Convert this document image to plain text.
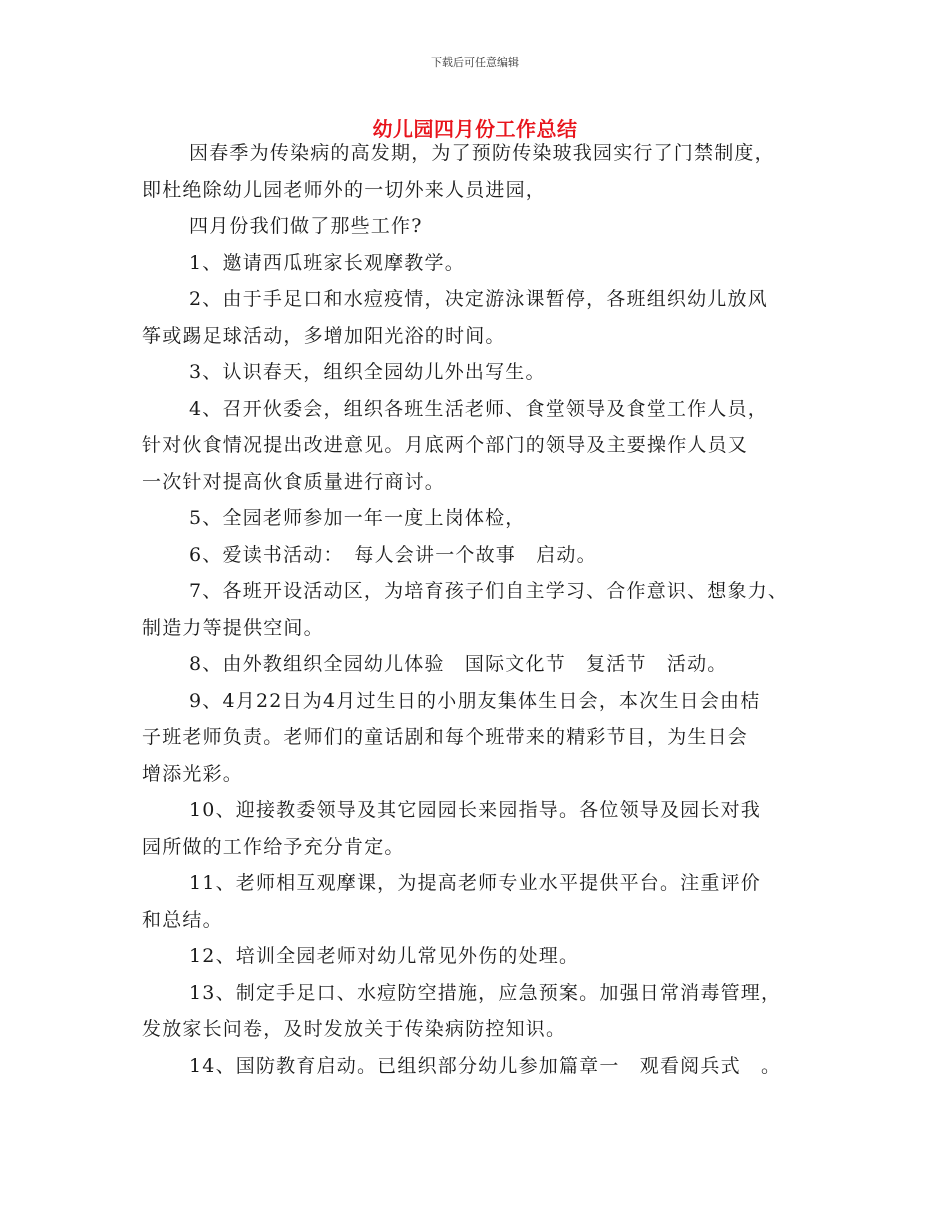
下载后可任意编辑
幼儿园四月份工作总结
因春季为传染病的高发期，为了预防传染玻我园实行了门禁制度，
即杜绝除幼儿园老师外的一切外来人员进园，
四月份我们做了那些工作?
1、邀请西瓜班家长观摩教学。
2、由于手足口和水痘疫情，决定游泳课暂停，各班组织幼儿放风
筝或踢足球活动，多增加阳光浴的时间。
3、认识春天，组织全园幼儿外出写生。
4、召开伙委会，组织各班生活老师、食堂领导及食堂工作人员，
针对伙食情况提出改进意见。月底两个部门的领导及主要操作人员又
一次针对提高伙食质量进行商讨。
5、全园老师参加一年一度上岗体检，
6、爱读书活动：　每人会讲一个故事　启动。
7、各班开设活动区，为培育孩子们自主学习、合作意识、想象力、
制造力等提供空间。
8、由外教组织全园幼儿体验　国际文化节　复活节　活动。
9、4月22日为4月过生日的小朋友集体生日会，本次生日会由桔
子班老师负责。老师们的童话剧和每个班带来的精彩节目，为生日会
增添光彩。
10、迎接教委领导及其它园园长来园指导。各位领导及园长对我
园所做的工作给予充分肯定。
11、老师相互观摩课，为提高老师专业水平提供平台。注重评价
和总结。
12、培训全园老师对幼儿常见外伤的处理。
13、制定手足口、水痘防空措施，应急预案。加强日常消毒管理，
发放家长问卷，及时发放关于传染病防控知识。
14、国防教育启动。已组织部分幼儿参加篇章一　观看阅兵式　。
